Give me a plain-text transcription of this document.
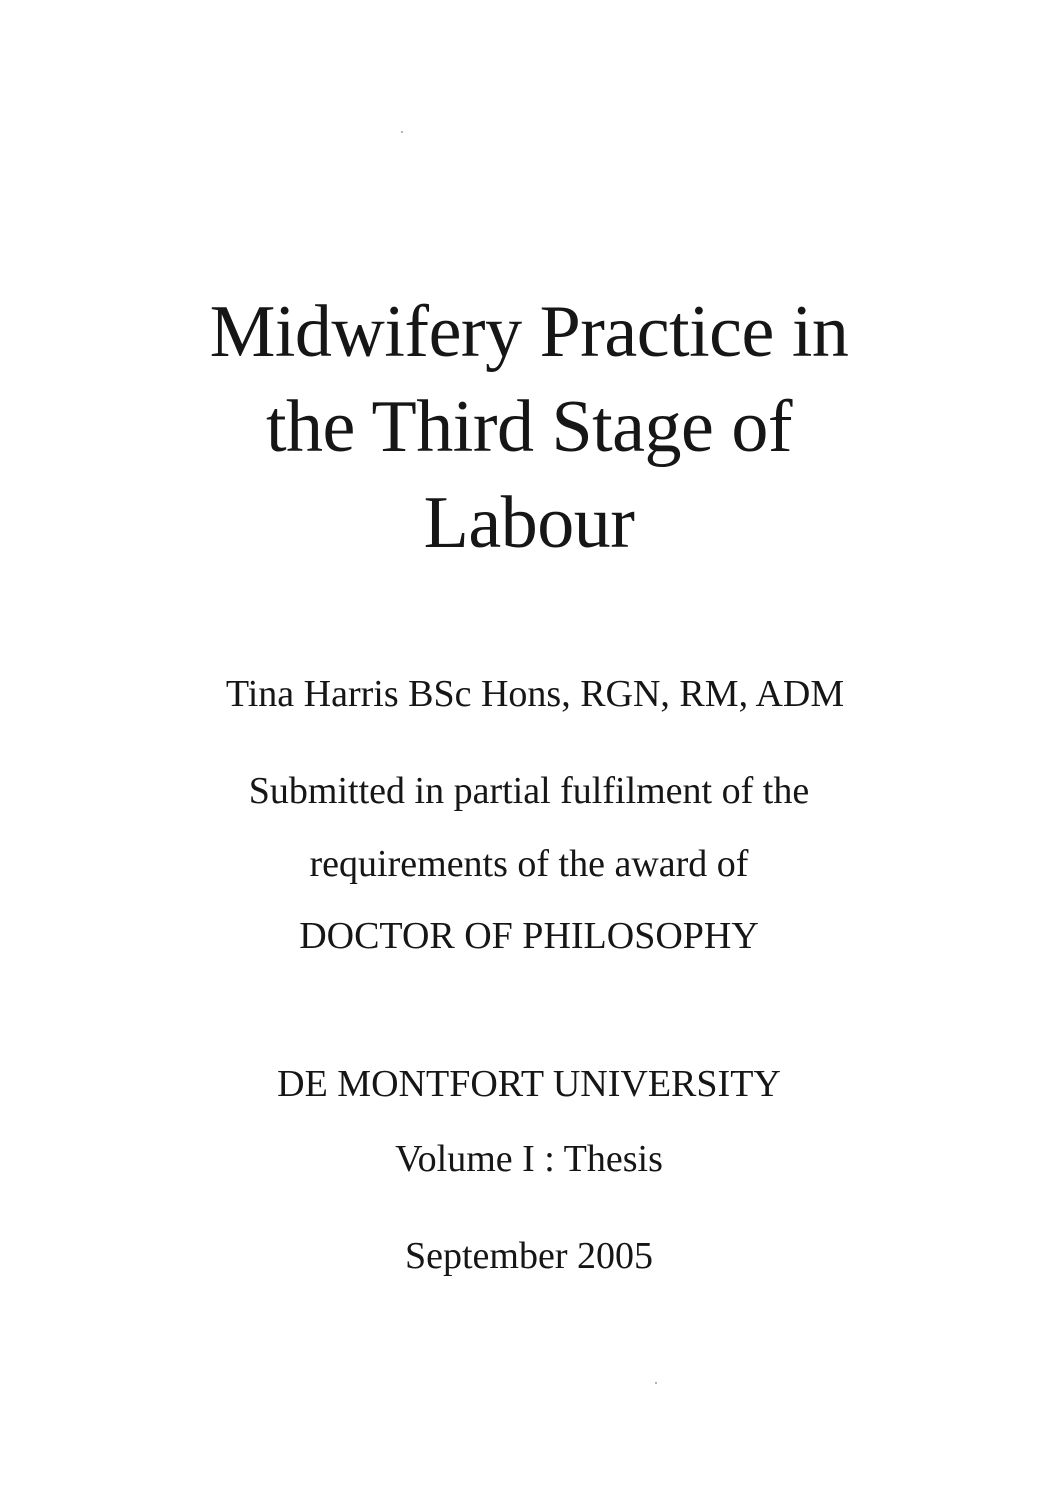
Midwifery Practice in
the Third Stage of
Labour
Tina Harris BSc Hons, RGN, RM, ADM
Submitted in partial fulfilment of the
requirements of the award of
DOCTOR OF PHILOSOPHY
DE MONTFORT UNIVERSITY
Volume I : Thesis
September 2005
